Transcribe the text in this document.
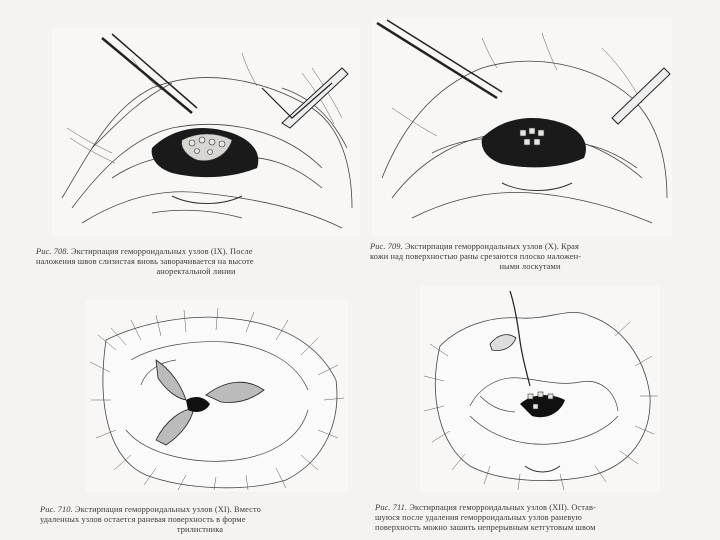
Рис. 708. Экстирпация геморроидальных узлов (IX). После
наложения швов слизистая вновь заворачивается на высоте
аноректальной линии
Рис. 709. Экстирпация геморроидальных узлов (X). Края
кожи над поверхностью раны срезаются плоско наложен-
ными лоскутами
Рис. 710. Экстирпация геморроидальных узлов (XI). Вместо
удаленных узлов остается раневая поверхность в форме
трилистника
Рис. 711. Экстирпация геморроидальных узлов (XII). Остав-
шуюся после удаления геморроидальных узлов раневую
поверхность можно зашить непрерывным кетгутовым швом
